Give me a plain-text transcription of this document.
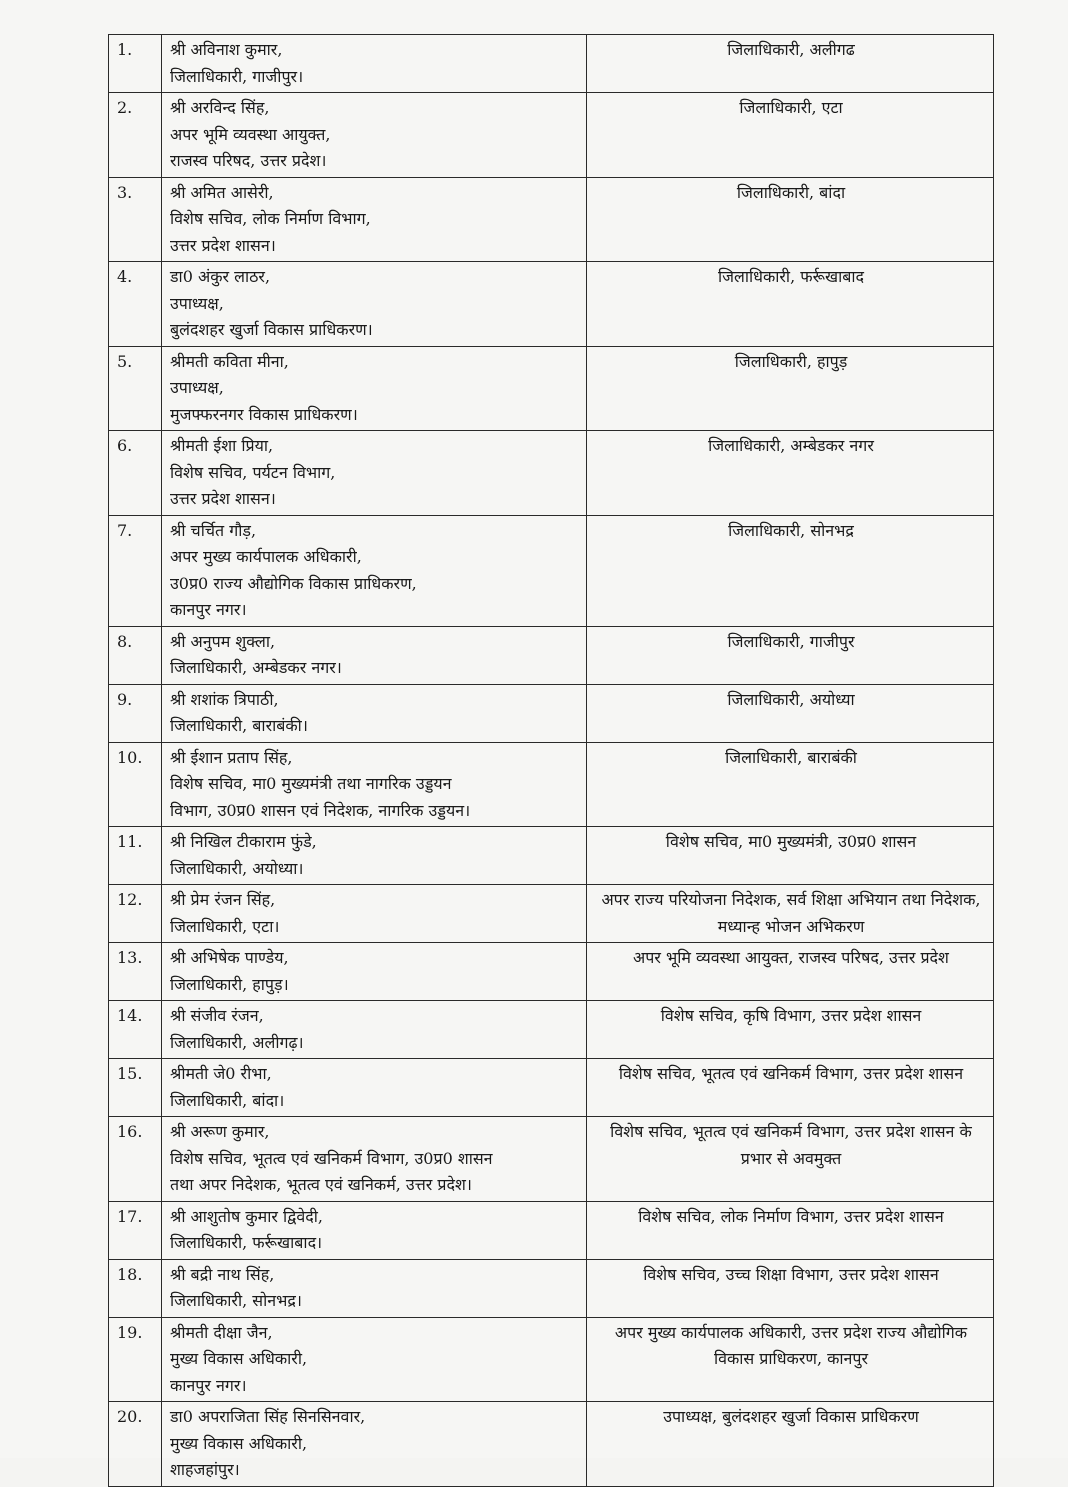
1.	श्री अविनाश कुमार,
जिलाधिकारी, गाजीपुर।	जिलाधिकारी, अलीगढ
2.	श्री अरविन्द सिंह,
अपर भूमि व्यवस्था आयुक्त,
राजस्व परिषद, उत्तर प्रदेश।	जिलाधिकारी, एटा
3.	श्री अमित आसेरी,
विशेष सचिव, लोक निर्माण विभाग,
उत्तर प्रदेश शासन।	जिलाधिकारी, बांदा
4.	डा0 अंकुर लाठर,
उपाध्यक्ष,
बुलंदशहर खुर्जा विकास प्राधिकरण।	जिलाधिकारी, फर्रूखाबाद
5.	श्रीमती कविता मीना,
उपाध्यक्ष,
मुजफ्फरनगर विकास प्राधिकरण।	जिलाधिकारी, हापुड़
6.	श्रीमती ईशा प्रिया,
विशेष सचिव, पर्यटन विभाग,
उत्तर प्रदेश शासन।	जिलाधिकारी, अम्बेडकर नगर
7.	श्री चर्चित गौड़,
अपर मुख्य कार्यपालक अधिकारी,
उ0प्र0 राज्य औद्योगिक विकास प्राधिकरण,
कानपुर नगर।	जिलाधिकारी, सोनभद्र
8.	श्री अनुपम शुक्ला,
जिलाधिकारी, अम्बेडकर नगर।	जिलाधिकारी, गाजीपुर
9.	श्री शशांक त्रिपाठी,
जिलाधिकारी, बाराबंकी।	जिलाधिकारी, अयोध्या
10.	श्री ईशान प्रताप सिंह,
विशेष सचिव, मा0 मुख्यमंत्री तथा नागरिक उड्डयन
विभाग, उ0प्र0 शासन एवं निदेशक, नागरिक उड्डयन।	जिलाधिकारी, बाराबंकी
11.	श्री निखिल टीकाराम फुंडे,
जिलाधिकारी, अयोध्या।	विशेष सचिव, मा0 मुख्यमंत्री, उ0प्र0 शासन
12.	श्री प्रेम रंजन सिंह,
जिलाधिकारी, एटा।	अपर राज्य परियोजना निदेशक, सर्व शिक्षा अभियान तथा निदेशक, मध्यान्ह भोजन अभिकरण
13.	श्री अभिषेक पाण्डेय,
जिलाधिकारी, हापुड़।	अपर भूमि व्यवस्था आयुक्त, राजस्व परिषद, उत्तर प्रदेश
14.	श्री संजीव रंजन,
जिलाधिकारी, अलीगढ़।	विशेष सचिव, कृषि विभाग, उत्तर प्रदेश शासन
15.	श्रीमती जे0 रीभा,
जिलाधिकारी, बांदा।	विशेष सचिव, भूतत्व एवं खनिकर्म विभाग, उत्तर प्रदेश शासन
16.	श्री अरूण कुमार,
विशेष सचिव, भूतत्व एवं खनिकर्म विभाग, उ0प्र0 शासन
तथा अपर निदेशक, भूतत्व एवं खनिकर्म, उत्तर प्रदेश।	विशेष सचिव, भूतत्व एवं खनिकर्म विभाग, उत्तर प्रदेश शासन के प्रभार से अवमुक्त
17.	श्री आशुतोष कुमार द्विवेदी,
जिलाधिकारी, फर्रूखाबाद।	विशेष सचिव, लोक निर्माण विभाग, उत्तर प्रदेश शासन
18.	श्री बद्री नाथ सिंह,
जिलाधिकारी, सोनभद्र।	विशेष सचिव, उच्च शिक्षा विभाग, उत्तर प्रदेश शासन
19.	श्रीमती दीक्षा जैन,
मुख्य विकास अधिकारी,
कानपुर नगर।	अपर मुख्य कार्यपालक अधिकारी, उत्तर प्रदेश राज्य औद्योगिक विकास प्राधिकरण, कानपुर
20.	डा0 अपराजिता सिंह सिनसिनवार,
मुख्य विकास अधिकारी,
शाहजहांपुर।	उपाध्यक्ष, बुलंदशहर खुर्जा विकास प्राधिकरण
